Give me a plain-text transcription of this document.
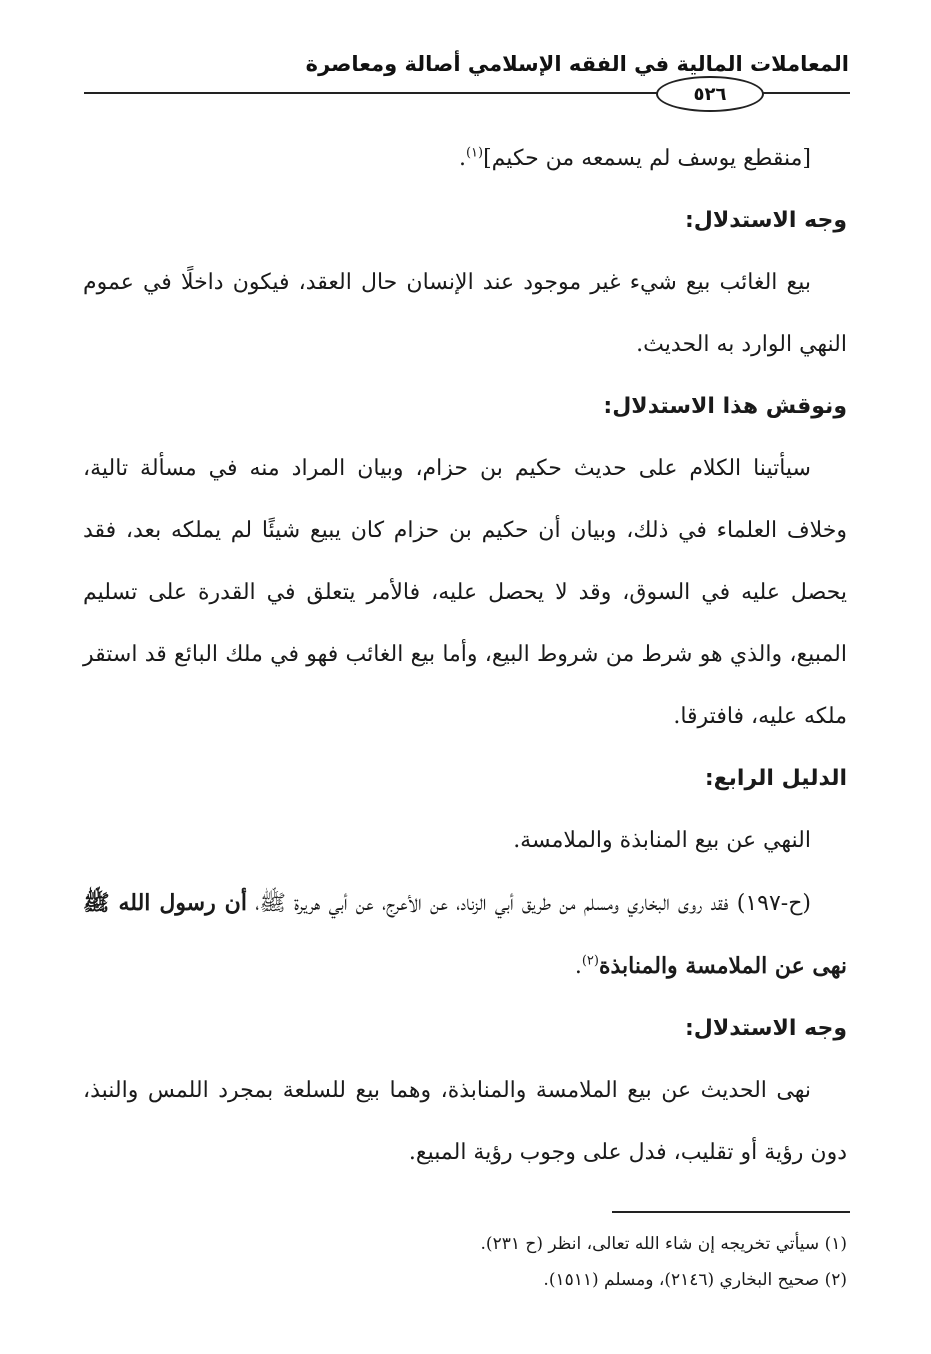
المعاملات المالية في الفقه الإسلامي أصالة ومعاصرة
٥٢٦

[منقطع يوسف لم يسمعه من حكيم]$^{(١)}$.

وجه الاستدلال:

بيع الغائب بيع شيء غير موجود عند الإنسان حال العقد، فيكون داخلًا في عموم النهي الوارد به الحديث.

ونوقش هذا الاستدلال:

سيأتينا الكلام على حديث حكيم بن حزام، وبيان المراد منه في مسألة تالية، وخلاف العلماء في ذلك، وبيان أن حكيم بن حزام كان يبيع شيئًا لم يملكه بعد، فقد يحصل عليه في السوق، وقد لا يحصل عليه، فالأمر يتعلق في القدرة على تسليم المبيع، والذي هو شرط من شروط البيع، وأما بيع الغائب فهو في ملك البائع قد استقر ملكه عليه، فافترقا.

الدليل الرابع:

النهي عن بيع المنابذة والملامسة.

(ح-١٩٧) فقد روى البخاري ومسلم من طريق أبي الزناد، عن الأعرج، عن أبي هريرة ﷺ، أن رسول الله ﷺ نهى عن الملامسة والمنابذة$^{(٢)}$.

وجه الاستدلال:

نهى الحديث عن بيع الملامسة والمنابذة، وهما بيع للسلعة بمجرد اللمس والنبذ، دون رؤية أو تقليب، فدل على وجوب رؤية المبيع.

(١) سيأتي تخريجه إن شاء الله تعالى، انظر (ح ٢٣١).
(٢) صحيح البخاري (٢١٤٦)، ومسلم (١٥١١).
